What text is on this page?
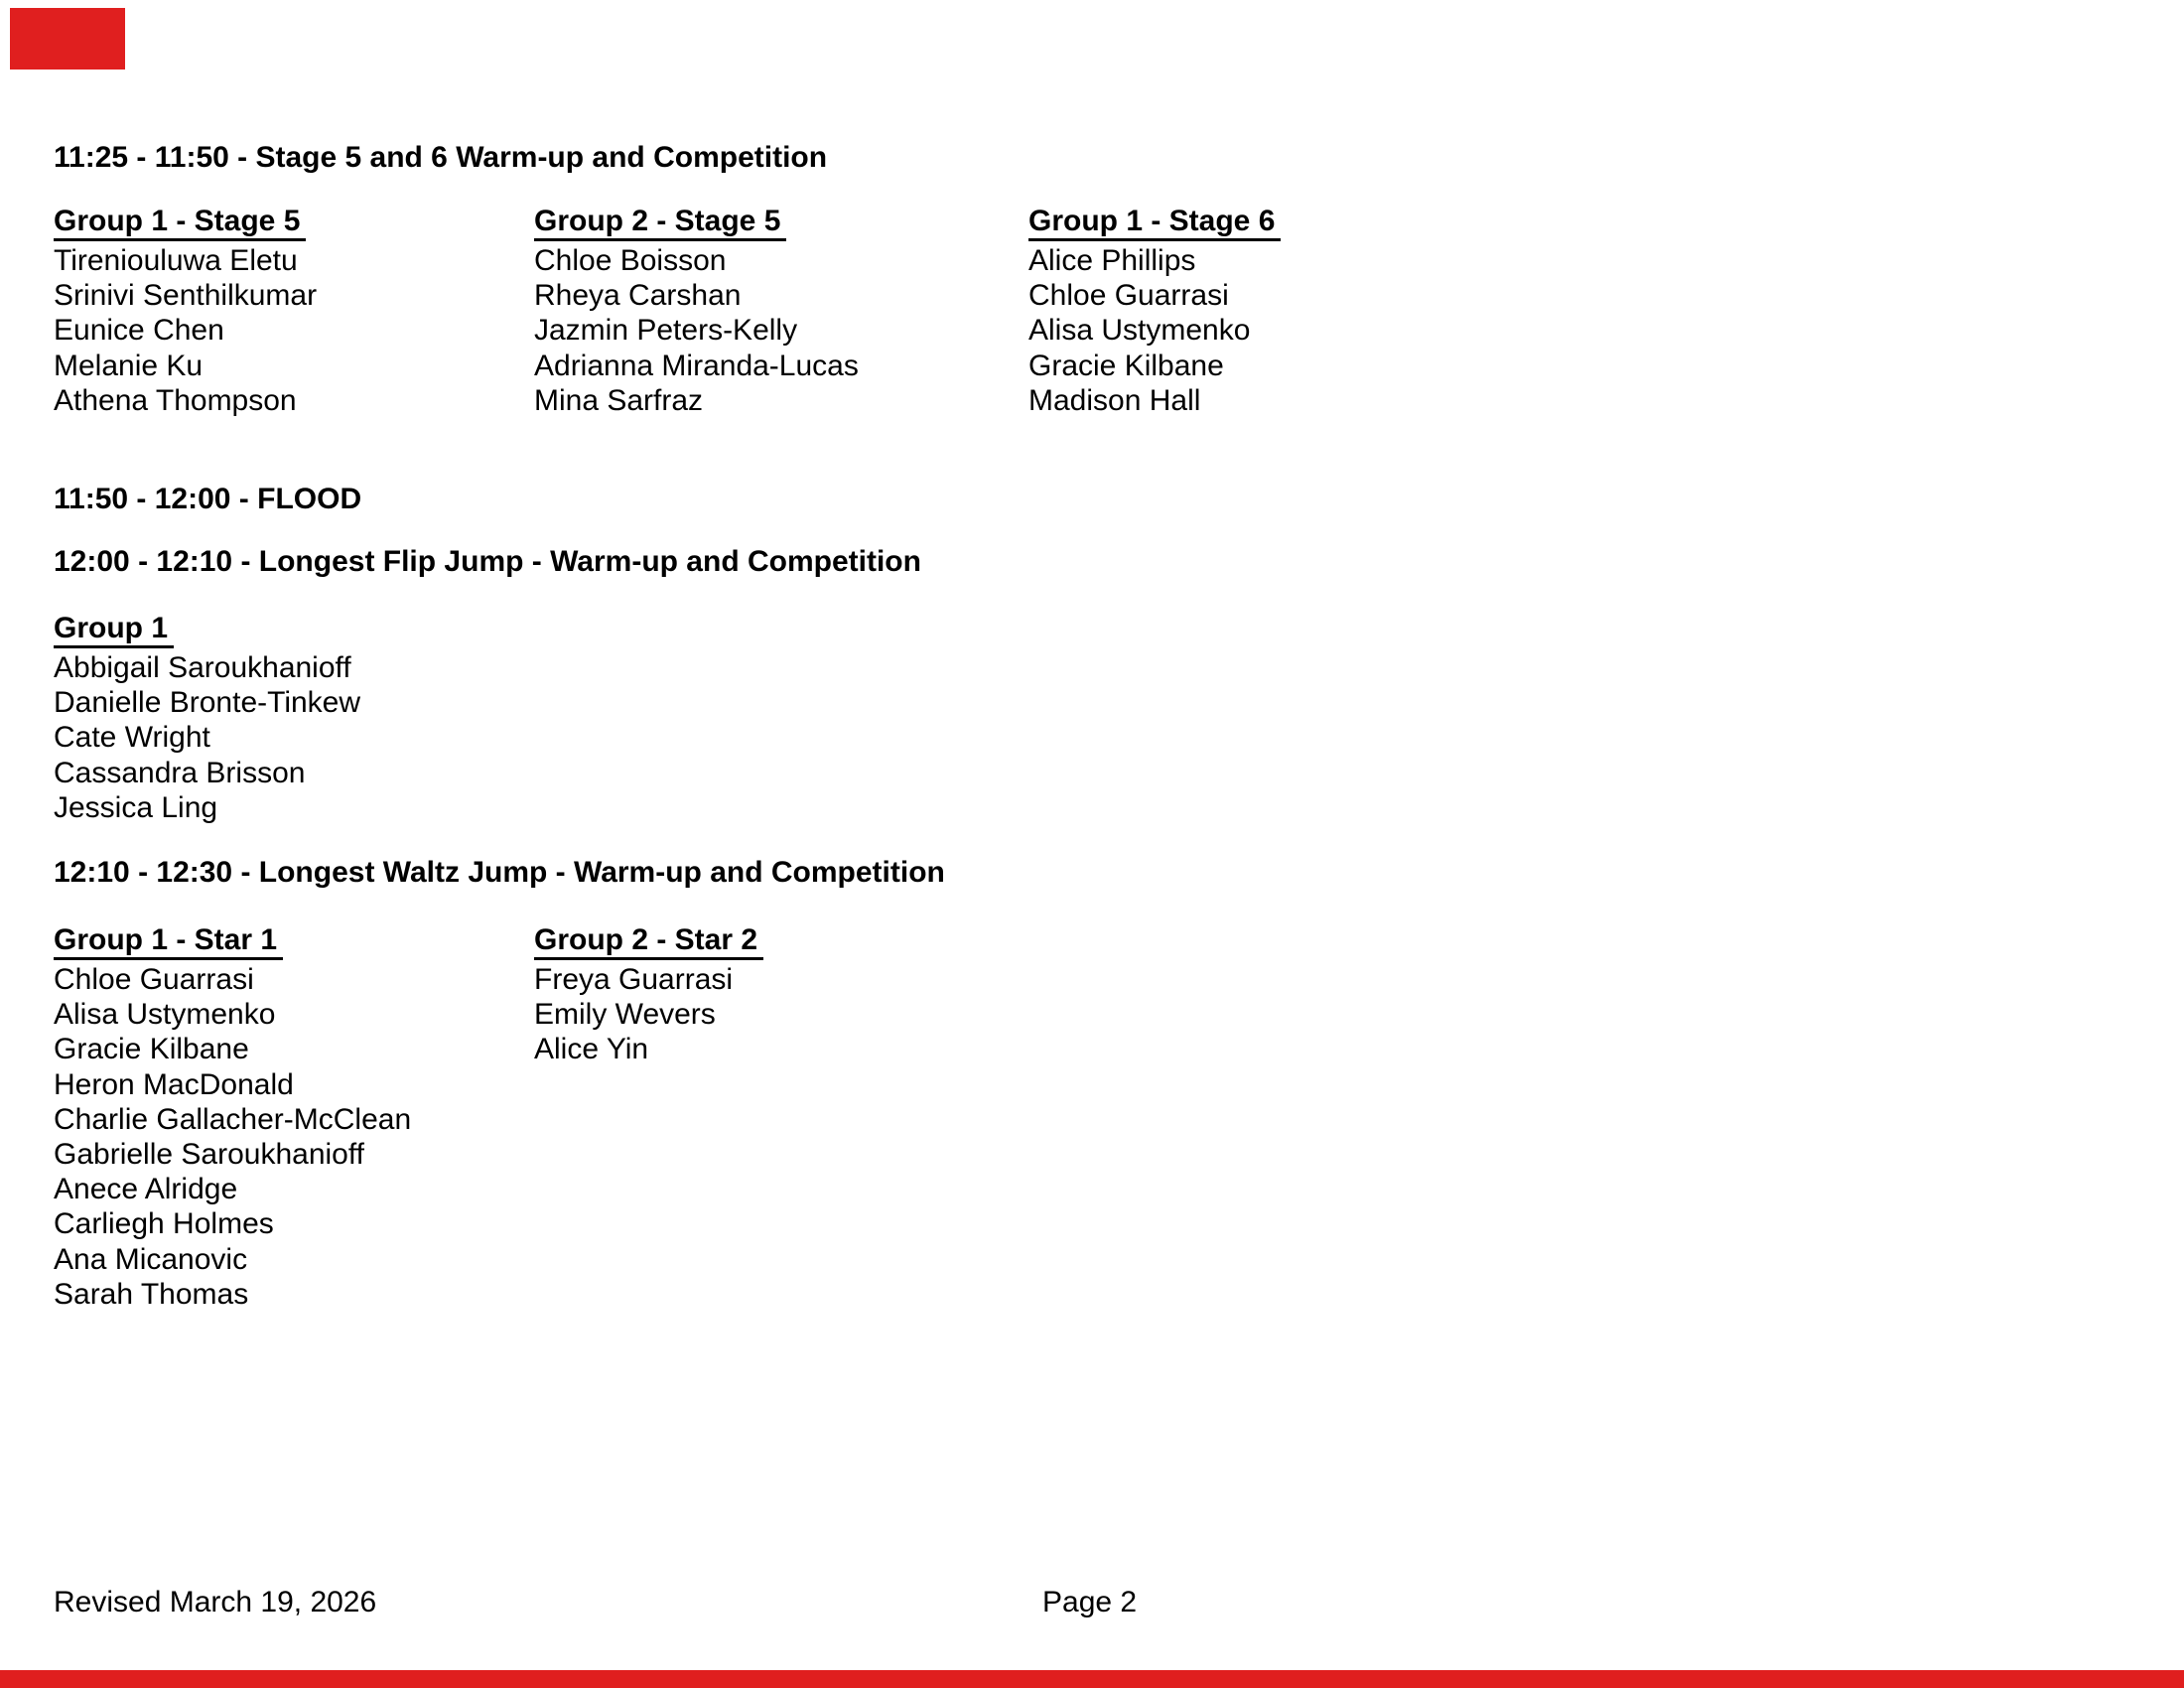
11:25 - 11:50 - Stage 5 and 6 Warm-up and Competition
11:50 - 12:00 - FLOOD
12:00 - 12:10 - Longest Flip Jump - Warm-up and Competition
12:10 - 12:30 - Longest Waltz Jump - Warm-up and Competition
Group 1 - Stage 5
Tireniouluwa Eletu
Srinivi Senthilkumar
Eunice Chen
Melanie Ku
Athena Thompson
Group 2 - Stage 5
Chloe Boisson
Rheya Carshan
Jazmin Peters-Kelly
Adrianna Miranda-Lucas
Mina Sarfraz
Group 1 - Stage 6
Alice Phillips
Chloe Guarrasi
Alisa Ustymenko
Gracie Kilbane
Madison Hall
Group 1
Abbigail Saroukhanioff
Danielle Bronte-Tinkew
Cate Wright
Cassandra Brisson
Jessica Ling
Group 1 - Star 1
Chloe Guarrasi
Alisa Ustymenko
Gracie Kilbane
Heron MacDonald
Charlie Gallacher-McClean
Gabrielle Saroukhanioff
Anece Alridge
Carliegh Holmes
Ana Micanovic
Sarah Thomas
Group 2 - Star 2
Freya Guarrasi
Emily Wevers
Alice Yin
Revised March 19, 2026	Page 2
